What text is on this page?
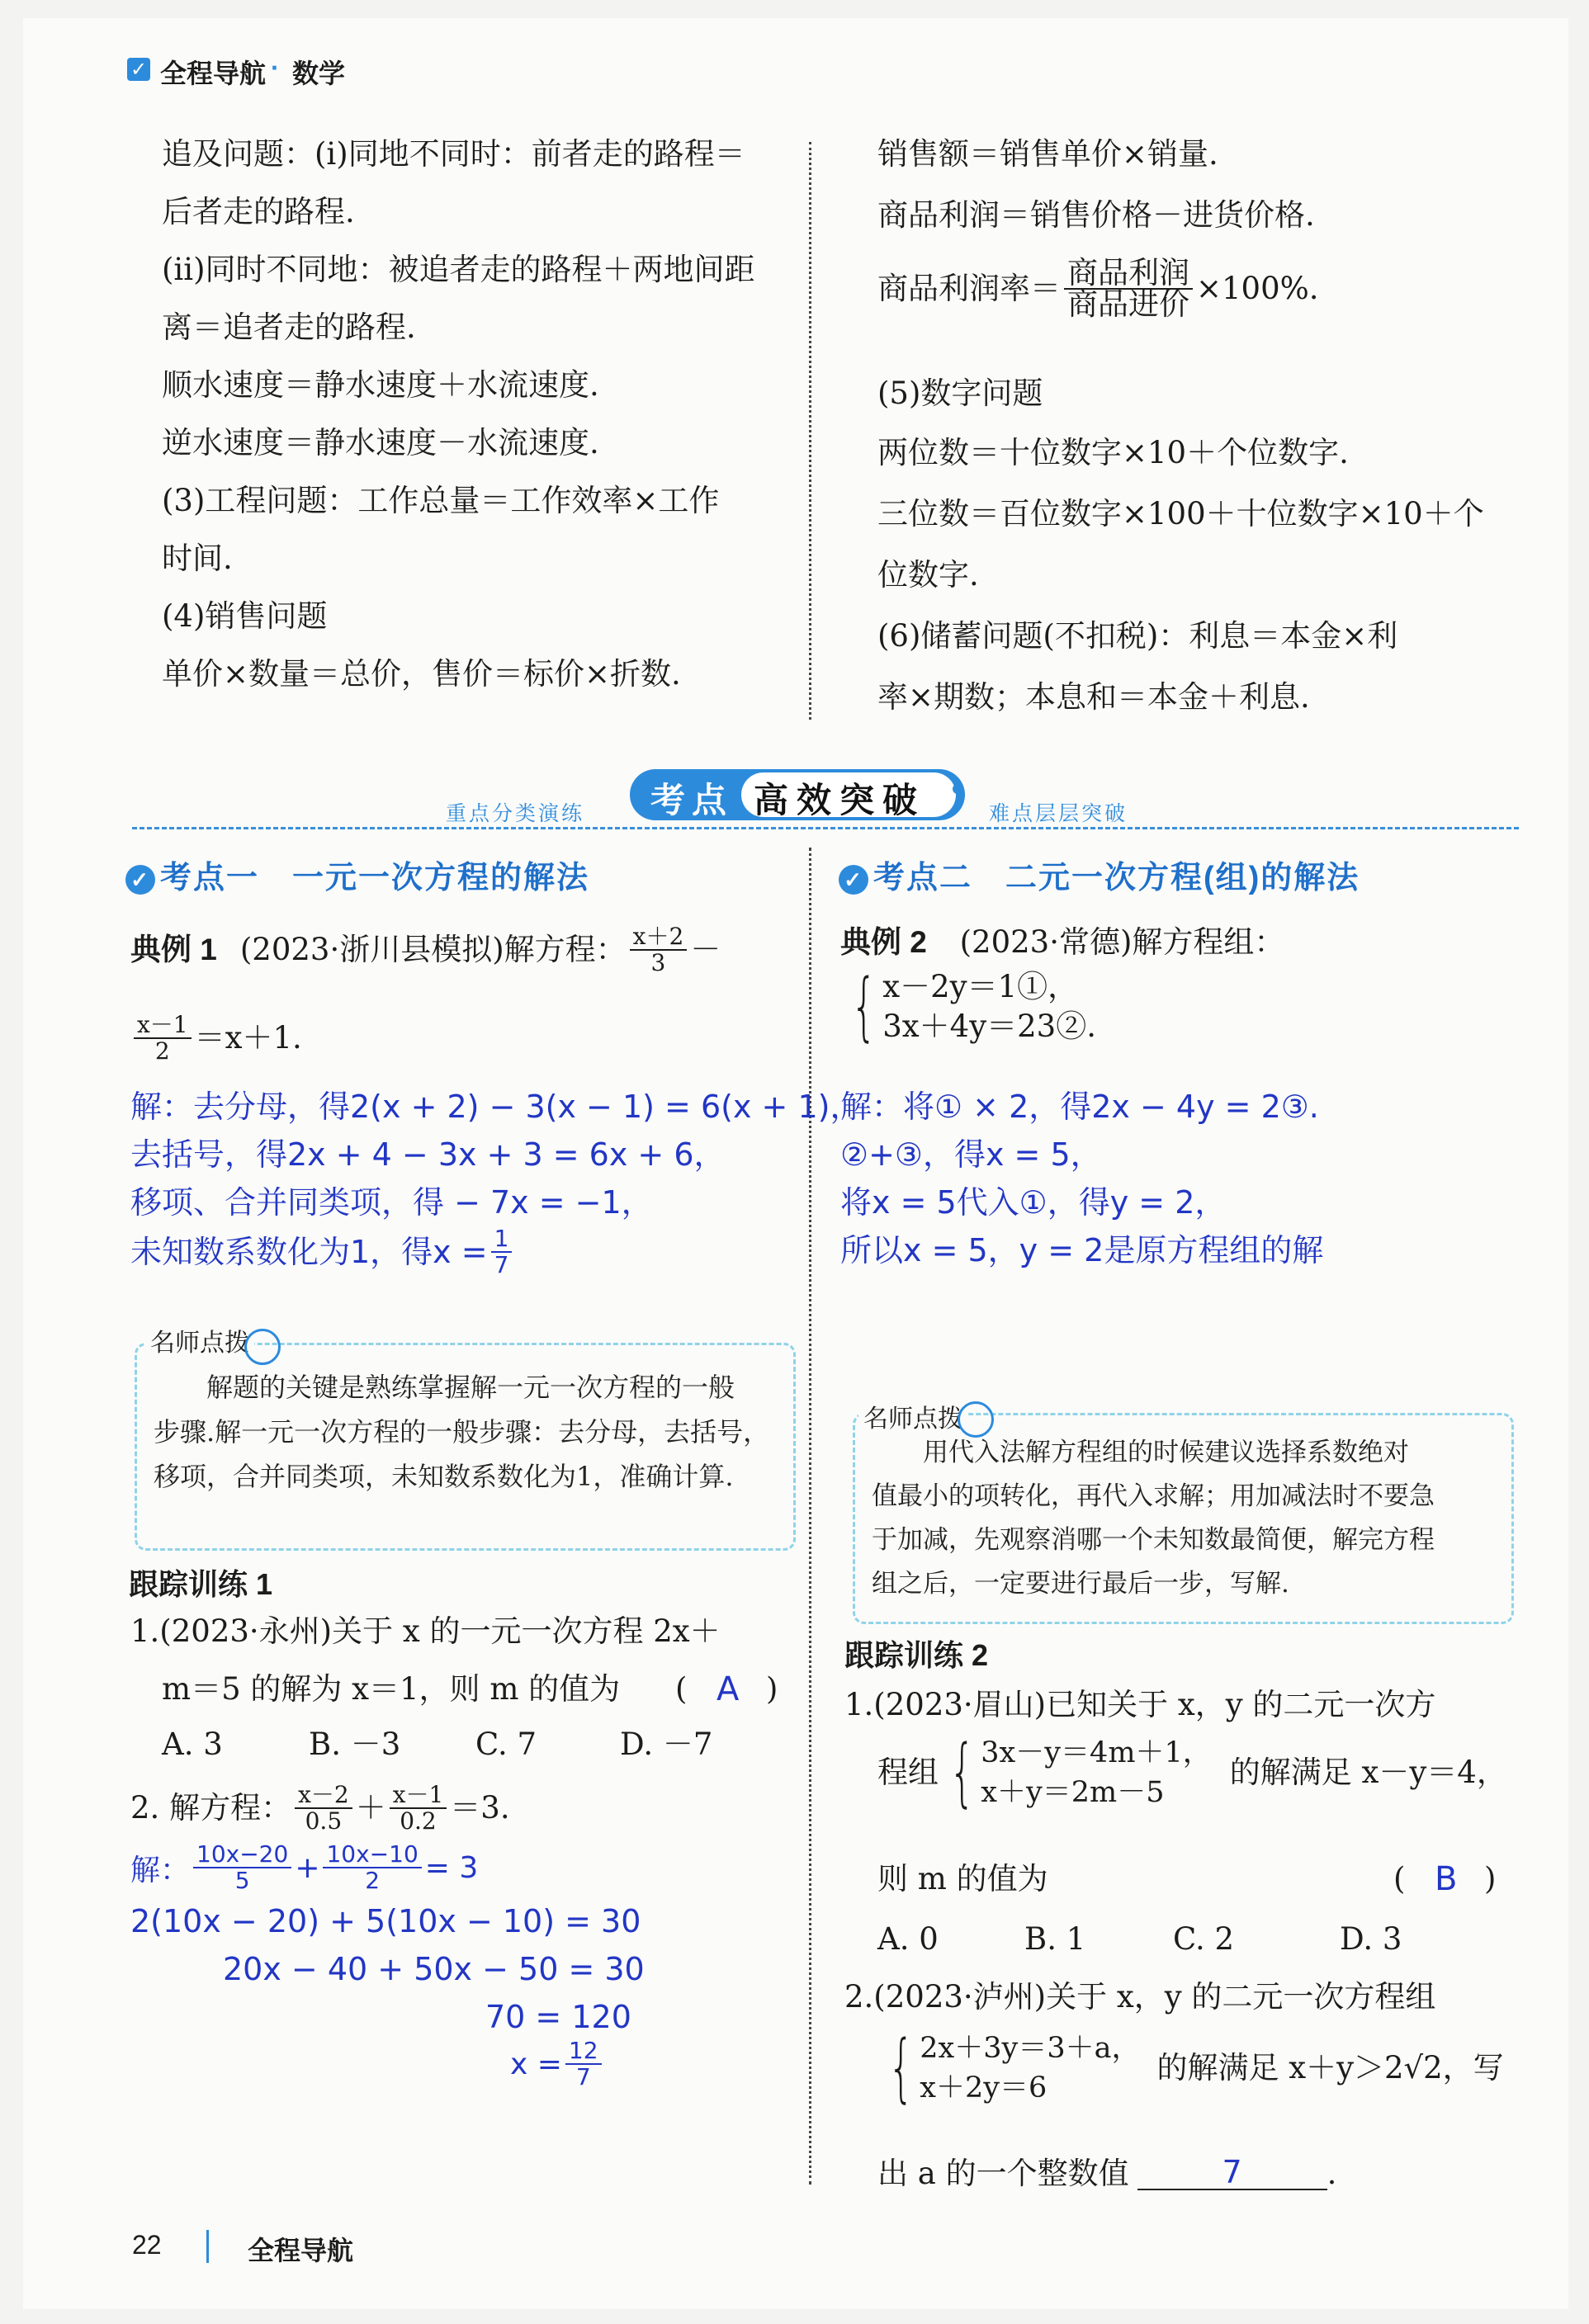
✓ 全程导航 · 数学
追及问题：(i)同地不同时：前者走的路程＝
后者走的路程.
(ii)同时不同地：被追者走的路程＋两地间距
离＝追者走的路程.
顺水速度＝静水速度＋水流速度.
逆水速度＝静水速度－水流速度.
(3)工程问题：工作总量＝工作效率×工作
时间.
(4)销售问题
单价×数量＝总价，售价＝标价×折数.
销售额＝销售单价×销量.
商品利润＝销售价格－进货价格.
商品利润率＝ $\frac{\text{商品利润}}{\text{商品进价}} \times 100\%$.
(5)数字问题
两位数＝十位数字×10＋个位数字.
三位数＝百位数字×100＋十位数字×10＋个
位数字.
(6)储蓄问题(不扣税)：利息＝本金×利
率×期数；本息和＝本金＋利息.
重点分类演练 考点 高效突破	难点层层突破
✓ 考点一　一元一次方程的解法
典例 1 (2023·浙川县模拟)解方程： $\frac{x+2}{3}$ －
$\frac{x-1}{2} =x+1$.
解：去分母，得2(x + 2) − 3(x − 1) = 6(x + 1)，
去括号，得2x + 4 − 3x + 3 = 6x + 6，
移项、合并同类项，得 − 7x = −1，
未知数系数化为1，得$x = \frac{1}{7}$
名师点拨
解题的关键是熟练掌握解一元一次方程的一般
步骤.解一元一次方程的一般步骤：去分母，去括号，
移项，合并同类项，未知数系数化为1，准确计算.
跟踪训练 1
1.(2023·永州)关于 x 的一元一次方程 2x＋
m＝5 的解为 x＝1，则 m 的值为 ( A )
A. 3	B. －3 C. 7	D. －7
2. 解方程： $\frac{x-2}{0.5} + \frac{x-1}{0.2} =3$.
解： $\frac{10x-20}{5} + \frac{10x-10}{2} = 3$
2(10x − 20) + 5(10x − 10) = 30
20x − 40 + 50x − 50 = 30
70 = 120
$x = \frac{12}{7}$
✓ 考点二　二元一次方程(组)的解法
典例 2 (2023·常德)解方程组：
{ x－2y＝1①，
3x＋4y＝23②.
解：将① × 2，得2x − 4y = 2③.
②+③，得x = 5，
将x = 5代入①，得y = 2，
所以x = 5，y = 2是原方程组的解
名师点拨
用代入法解方程组的时候建议选择系数绝对
值最小的项转化，再代入求解；用加减法时不要急
于加减，先观察消哪一个未知数最简便，解完方程
组之后，一定要进行最后一步，写解.
跟踪训练 2
1.(2023·眉山)已知关于 x，y 的二元一次方
程组 { 3x－y＝4m＋1，
x＋y＝2m－5
的解满足 x－y＝4，
则 m 的值为	( B )
A. 0	B. 1	C. 2	D. 3
2.(2023·泸州)关于 x，y 的二元一次方程组
{ 2x＋3y＝3＋a，
x＋2y＝6
的解满足 x＋y＞2√2，写
出 a 的一个整数值	7	.
22	全程导航
